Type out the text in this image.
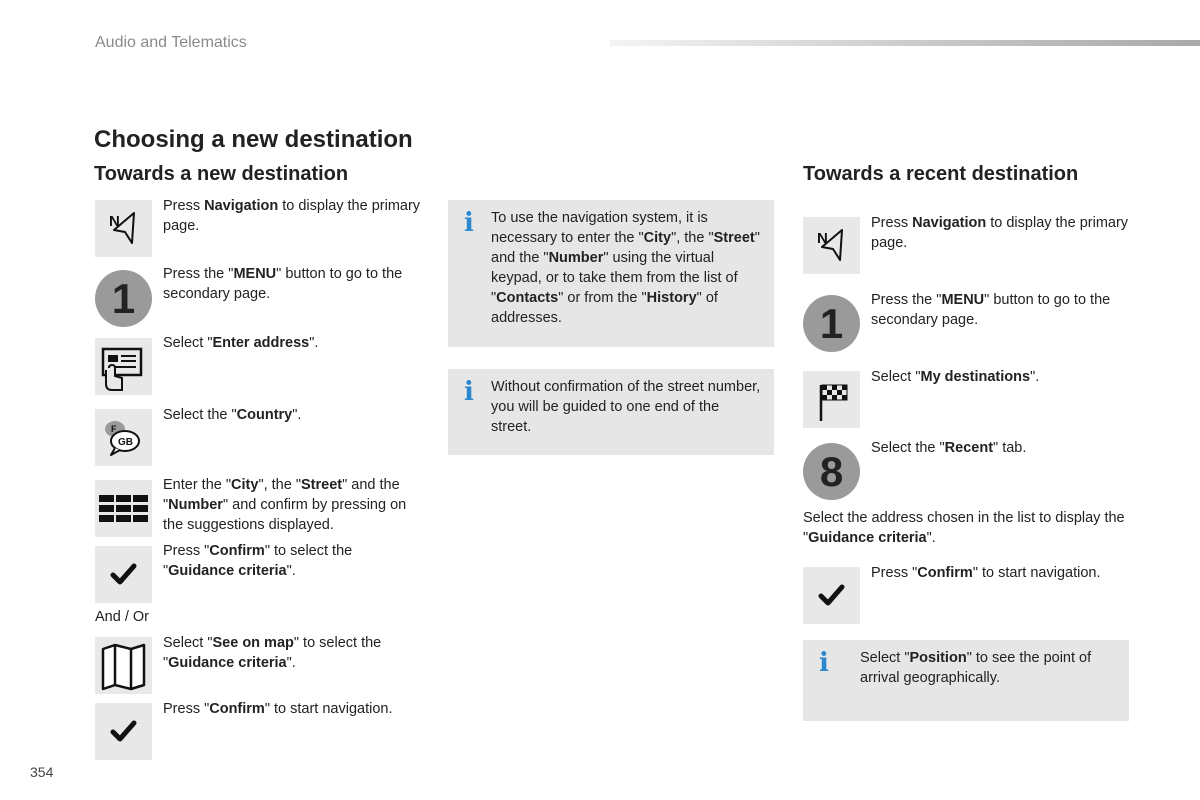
Audio and Telematics
Choosing a new destination
Towards a new destination	Towards a recent destination
N
Press Navigation to display the primary page.
1
Press the "MENU" button to go to the secondary page.
Select "Enter address".
F
GB
Select the "Country".
Enter the "City", the "Street" and the "Number" and confirm by pressing on the suggestions displayed.
Press "Confirm" to select the "Guidance criteria".
And / Or
Select "See on map" to select the "Guidance criteria".
Press "Confirm" to start navigation.
i To use the navigation system, it is necessary to enter the "City", the "Street" and the "Number" using the virtual keypad, or to take them from the list of "Contacts" or from the "History" of addresses.
i Without confirmation of the street number, you will be guided to one end of the street.
N
Press Navigation to display the primary page.
1	Press the "MENU" button to go to the secondary page.
Select "My destinations".
8	Select the "Recent" tab.
Select the address chosen in the list to display the "Guidance criteria".
Press "Confirm" to start navigation.
i Select "Position" to see the point of arrival geographically.
354
